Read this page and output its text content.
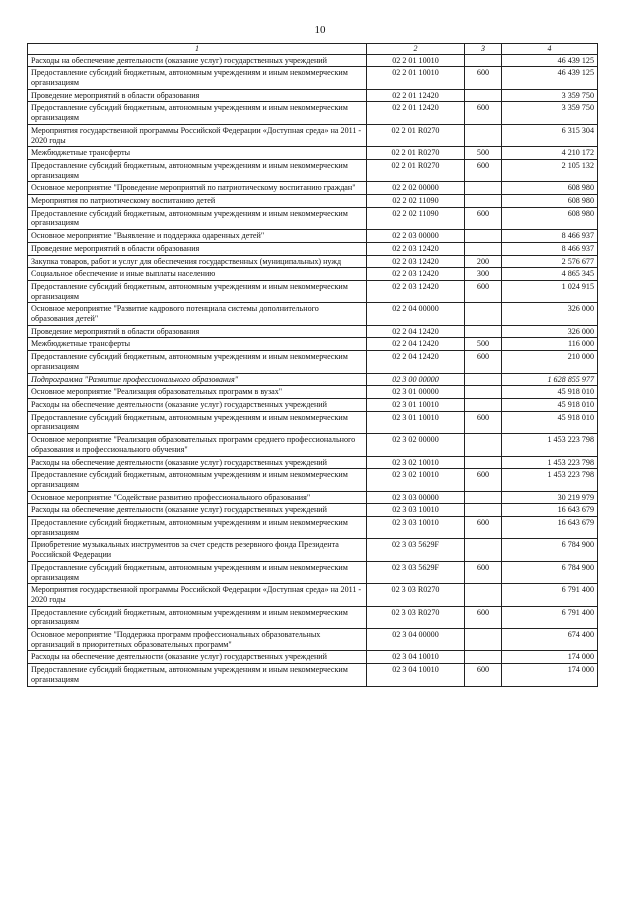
10
1	2	3	4
Расходы на обеспечение деятельности (оказание услуг) государственных учреждений	02 2 01 10010		46 439 125
Предоставление субсидий бюджетным, автономным учреждениям и иным некоммерческим организациям	02 2 01 10010	600	46 439 125
Проведение мероприятий в области образования	02 2 01 12420		3 359 750
Предоставление субсидий бюджетным, автономным учреждениям и иным некоммерческим организациям	02 2 01 12420	600	3 359 750
Мероприятия государственной программы Российской Федерации «Доступная среда» на 2011 - 2020 годы	02 2 01 R0270		6 315 304
Межбюджетные трансферты	02 2 01 R0270	500	4 210 172
Предоставление субсидий бюджетным, автономным учреждениям и иным некоммерческим организациям	02 2 01 R0270	600	2 105 132
Основное мероприятие "Проведение мероприятий по патриотическому воспитанию граждан"	02 2 02 00000		608 980
Мероприятия по патриотическому воспитанию детей	02 2 02 11090		608 980
Предоставление субсидий бюджетным, автономным учреждениям и иным некоммерческим организациям	02 2 02 11090	600	608 980
Основное мероприятие "Выявление и поддержка одаренных детей"	02 2 03 00000		8 466 937
Проведение мероприятий в области образования	02 2 03 12420		8 466 937
Закупка товаров, работ и услуг для обеспечения государственных (муниципальных) нужд	02 2 03 12420	200	2 576 677
Социальное обеспечение и иные выплаты населению	02 2 03 12420	300	4 865 345
Предоставление субсидий бюджетным, автономным учреждениям и иным некоммерческим организациям	02 2 03 12420	600	1 024 915
Основное мероприятие "Развитие кадрового потенциала системы дополнительного образования детей"	02 2 04 00000		326 000
Проведение мероприятий в области образования	02 2 04 12420		326 000
Межбюджетные трансферты	02 2 04 12420	500	116 000
Предоставление субсидий бюджетным, автономным учреждениям и иным некоммерческим организациям	02 2 04 12420	600	210 000
Подпрограмма "Развитие профессионального образования"	02 3 00 00000		1 628 855 977
Основное мероприятие "Реализация образовательных программ в вузах"	02 3 01 00000		45 918 010
Расходы на обеспечение деятельности (оказание услуг) государственных учреждений	02 3 01 10010		45 918 010
Предоставление субсидий бюджетным, автономным учреждениям и иным некоммерческим организациям	02 3 01 10010	600	45 918 010
Основное мероприятие "Реализация образовательных программ среднего профессионального образования и профессионального обучения"	02 3 02 00000		1 453 223 798
Расходы на обеспечение деятельности (оказание услуг) государственных учреждений	02 3 02 10010		1 453 223 798
Предоставление субсидий бюджетным, автономным учреждениям и иным некоммерческим организациям	02 3 02 10010	600	1 453 223 798
Основное мероприятие "Содействие развитию профессионального образования"	02 3 03 00000		30 219 979
Расходы на обеспечение деятельности (оказание услуг) государственных учреждений	02 3 03 10010		16 643 679
Предоставление субсидий бюджетным, автономным учреждениям и иным некоммерческим организациям	02 3 03 10010	600	16 643 679
Приобретение музыкальных инструментов за счет средств резервного фонда Президента Российской Федерации	02 3 03 5629F		6 784 900
Предоставление субсидий бюджетным, автономным учреждениям и иным некоммерческим организациям	02 3 03 5629F	600	6 784 900
Мероприятия государственной программы Российской Федерации «Доступная среда» на 2011 - 2020 годы	02 3 03 R0270		6 791 400
Предоставление субсидий бюджетным, автономным учреждениям и иным некоммерческим организациям	02 3 03 R0270	600	6 791 400
Основное мероприятие "Поддержка программ профессиональных образовательных организаций в приоритетных образовательных программ"	02 3 04 00000		674 400
Расходы на обеспечение деятельности (оказание услуг) государственных учреждений	02 3 04 10010		174 000
Предоставление субсидий бюджетным, автономным учреждениям и иным некоммерческим организациям	02 3 04 10010	600	174 000
